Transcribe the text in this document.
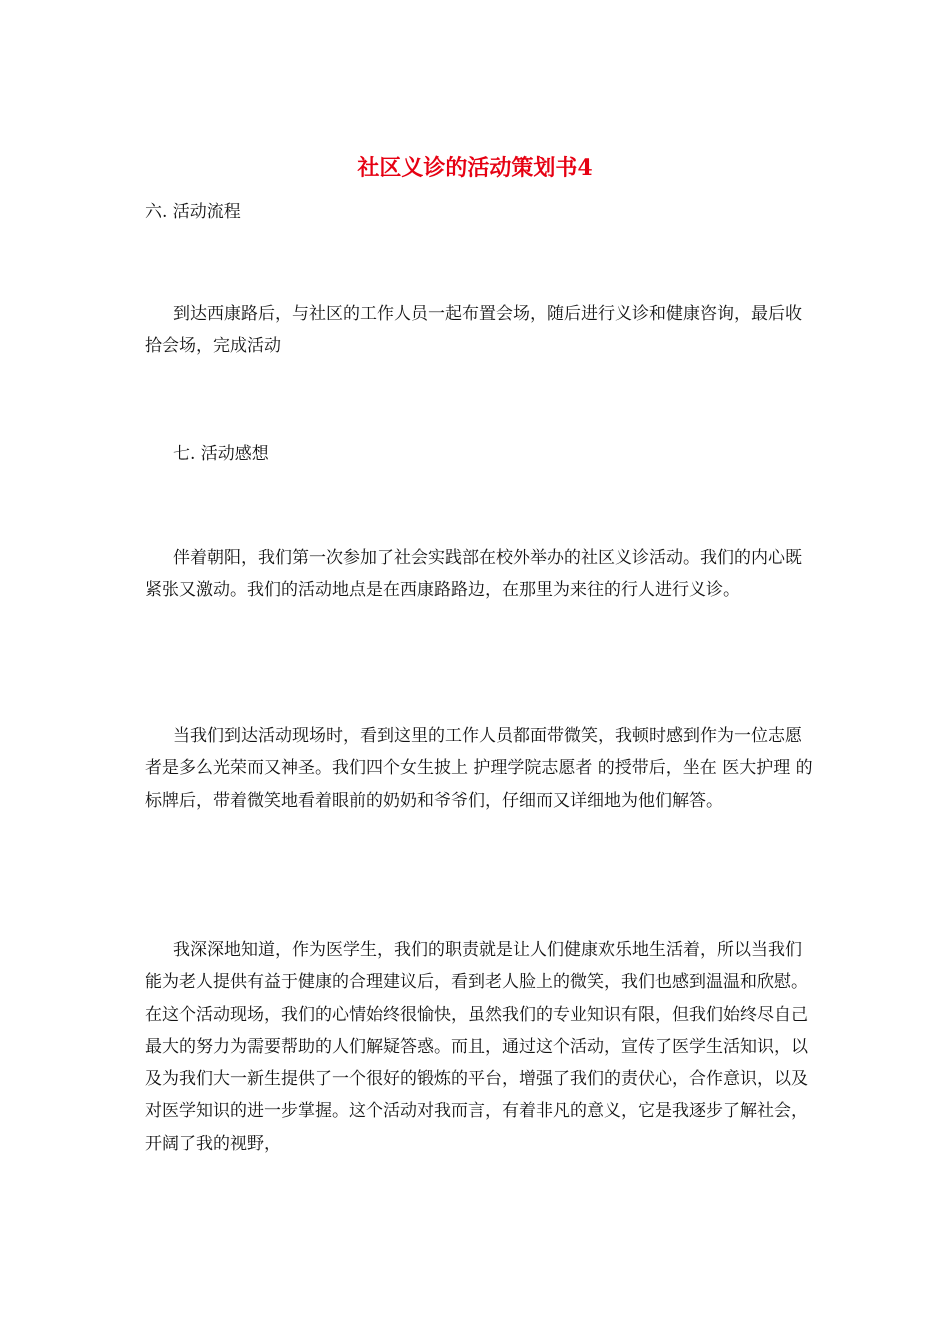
社区义诊的活动策划书4

六. 活动流程

到达西康路后，与社区的工作人员一起布置会场，随后进行义诊和健康咨询，最后收拾会场，完成活动

七. 活动感想

伴着朝阳，我们第一次参加了社会实践部在校外举办的社区义诊活动。我们的内心既紧张又激动。我们的活动地点是在西康路路边，在那里为来往的行人进行义诊。

当我们到达活动现场时，看到这里的工作人员都面带微笑，我顿时感到作为一位志愿者是多么光荣而又神圣。我们四个女生披上 护理学院志愿者 的授带后，坐在 医大护理 的标牌后，带着微笑地看着眼前的奶奶和爷爷们，仔细而又详细地为他们解答。

我深深地知道，作为医学生，我们的职责就是让人们健康欢乐地生活着，所以当我们能为老人提供有益于健康的合理建议后，看到老人脸上的微笑，我们也感到温温和欣慰。在这个活动现场，我们的心情始终很愉快，虽然我们的专业知识有限，但我们始终尽自己最大的努力为需要帮助的人们解疑答惑。而且，通过这个活动，宣传了医学生活知识，以及为我们大一新生提供了一个很好的锻炼的平台，增强了我们的责伏心，合作意识，以及对医学知识的进一步掌握。这个活动对我而言，有着非凡的意义，它是我逐步了解社会，开阔了我的视野，
